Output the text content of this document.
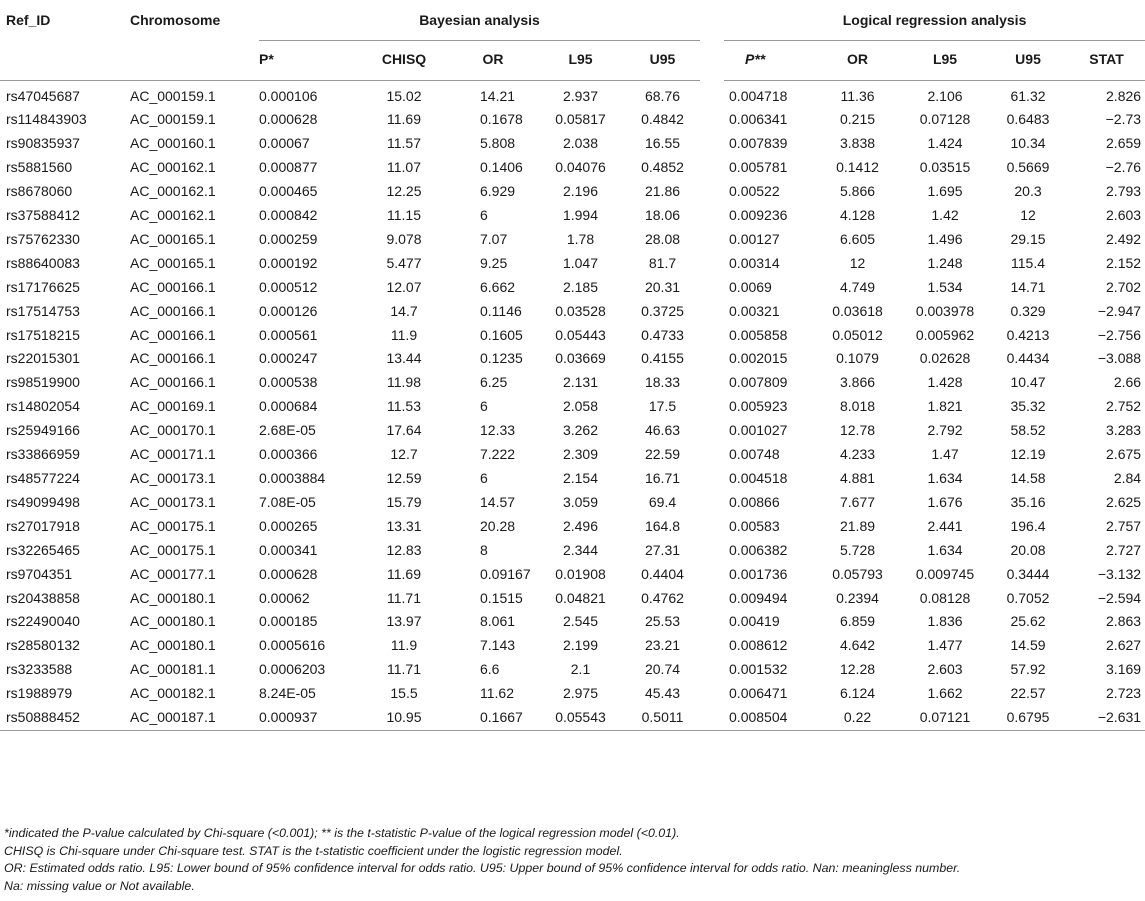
Ref_ID	Chromosome	Bayesian analysis						Logical regression analysis				
		P*	CHISQ	OR	L95	U95		P**	OR	L95	U95	STAT
rs47045687	AC_000159.1	0.000106	15.02	14.21	2.937	68.76		0.004718	11.36	2.106	61.32	2.826
rs114843903	AC_000159.1	0.000628	11.69	0.1678	0.05817	0.4842		0.006341	0.215	0.07128	0.6483	−2.73
rs90835937	AC_000160.1	0.00067	11.57	5.808	2.038	16.55		0.007839	3.838	1.424	10.34	2.659
rs5881560	AC_000162.1	0.000877	11.07	0.1406	0.04076	0.4852		0.005781	0.1412	0.03515	0.5669	−2.76
rs8678060	AC_000162.1	0.000465	12.25	6.929	2.196	21.86		0.00522	5.866	1.695	20.3	2.793
rs37588412	AC_000162.1	0.000842	11.15	6	1.994	18.06		0.009236	4.128	1.42	12	2.603
rs75762330	AC_000165.1	0.000259	9.078	7.07	1.78	28.08		0.00127	6.605	1.496	29.15	2.492
rs88640083	AC_000165.1	0.000192	5.477	9.25	1.047	81.7		0.00314	12	1.248	115.4	2.152
rs17176625	AC_000166.1	0.000512	12.07	6.662	2.185	20.31		0.0069	4.749	1.534	14.71	2.702
rs17514753	AC_000166.1	0.000126	14.7	0.1146	0.03528	0.3725		0.00321	0.03618	0.003978	0.329	−2.947
rs17518215	AC_000166.1	0.000561	11.9	0.1605	0.05443	0.4733		0.005858	0.05012	0.005962	0.4213	−2.756
rs22015301	AC_000166.1	0.000247	13.44	0.1235	0.03669	0.4155		0.002015	0.1079	0.02628	0.4434	−3.088
rs98519900	AC_000166.1	0.000538	11.98	6.25	2.131	18.33		0.007809	3.866	1.428	10.47	2.66
rs14802054	AC_000169.1	0.000684	11.53	6	2.058	17.5		0.005923	8.018	1.821	35.32	2.752
rs25949166	AC_000170.1	2.68E-05	17.64	12.33	3.262	46.63		0.001027	12.78	2.792	58.52	3.283
rs33866959	AC_000171.1	0.000366	12.7	7.222	2.309	22.59		0.00748	4.233	1.47	12.19	2.675
rs48577224	AC_000173.1	0.0003884	12.59	6	2.154	16.71		0.004518	4.881	1.634	14.58	2.84
rs49099498	AC_000173.1	7.08E-05	15.79	14.57	3.059	69.4		0.00866	7.677	1.676	35.16	2.625
rs27017918	AC_000175.1	0.000265	13.31	20.28	2.496	164.8		0.00583	21.89	2.441	196.4	2.757
rs32265465	AC_000175.1	0.000341	12.83	8	2.344	27.31		0.006382	5.728	1.634	20.08	2.727
rs9704351	AC_000177.1	0.000628	11.69	0.09167	0.01908	0.4404		0.001736	0.05793	0.009745	0.3444	−3.132
rs20438858	AC_000180.1	0.00062	11.71	0.1515	0.04821	0.4762		0.009494	0.2394	0.08128	0.7052	−2.594
rs22490040	AC_000180.1	0.000185	13.97	8.061	2.545	25.53		0.00419	6.859	1.836	25.62	2.863
rs28580132	AC_000180.1	0.0005616	11.9	7.143	2.199	23.21		0.008612	4.642	1.477	14.59	2.627
rs3233588	AC_000181.1	0.0006203	11.71	6.6	2.1	20.74		0.001532	12.28	2.603	57.92	3.169
rs1988979	AC_000182.1	8.24E-05	15.5	11.62	2.975	45.43		0.006471	6.124	1.662	22.57	2.723
rs50888452	AC_000187.1	0.000937	10.95	0.1667	0.05543	0.5011		0.008504	0.22	0.07121	0.6795	−2.631

*indicated the P-value calculated by Chi-square (<0.001); ** is the t-statistic P-value of the logical regression model (<0.01).

CHISQ is Chi-square under Chi-square test. STAT is the t-statistic coefficient under the logistic regression model.

OR: Estimated odds ratio. L95: Lower bound of 95% confidence interval for odds ratio. U95: Upper bound of 95% confidence interval for odds ratio. Nan: meaningless number.

Na: missing value or Not available.
